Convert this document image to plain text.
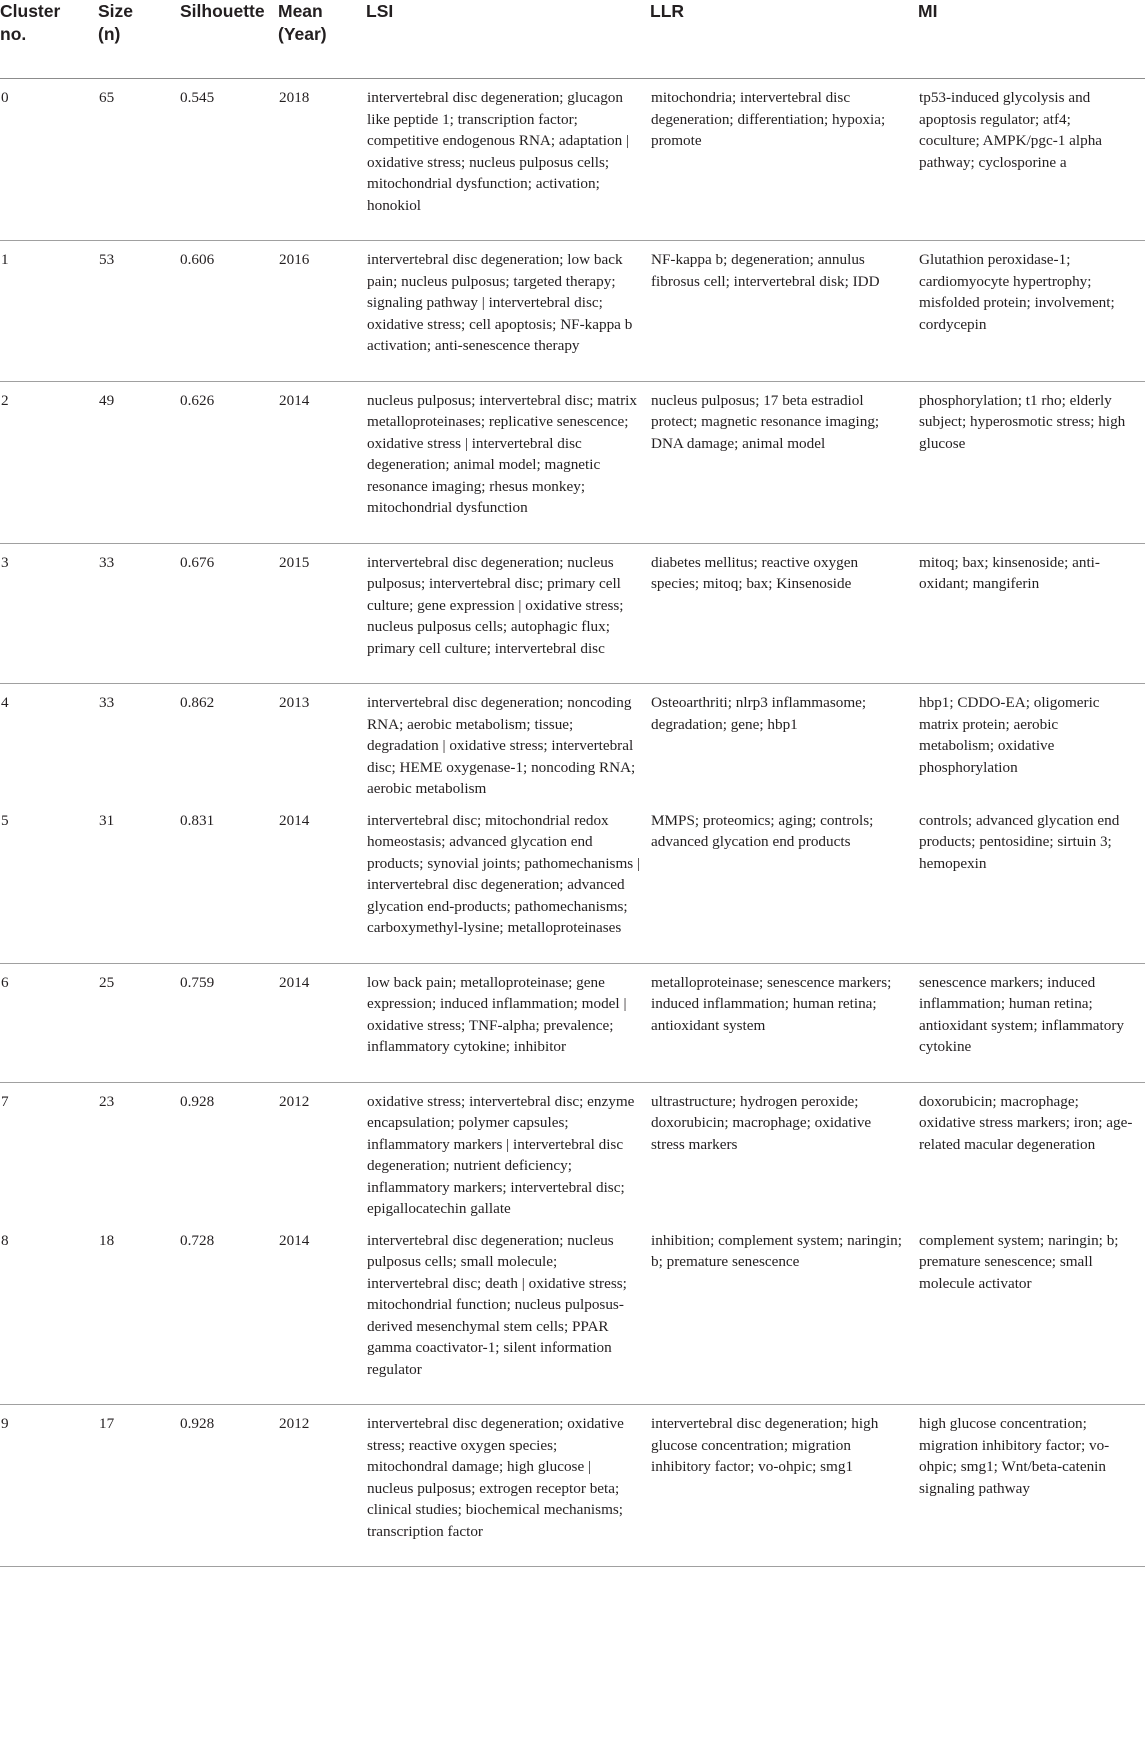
Cluster no.	Size (n)	Silhouette	Mean (Year)	LSI	LLR	MI
0	65	0.545	2018	intervertebral disc degeneration; glucagon like peptide 1; transcription factor; competitive endogenous RNA; adaptation | oxidative stress; nucleus pulposus cells; mitochondrial dysfunction; activation; honokiol	mitochondria; intervertebral disc degeneration; differentiation; hypoxia; promote	tp53-induced glycolysis and apoptosis regulator; atf4; coculture; AMPK/pgc-1 alpha pathway; cyclosporine a
1	53	0.606	2016	intervertebral disc degeneration; low back pain; nucleus pulposus; targeted therapy; signaling pathway | intervertebral disc; oxidative stress; cell apoptosis; NF-kappa b activation; anti-senescence therapy	NF-kappa b; degeneration; annulus fibrosus cell; intervertebral disk; IDD	Glutathion peroxidase-1; cardiomyocyte hypertrophy; misfolded protein; involvement; cordycepin
2	49	0.626	2014	nucleus pulposus; intervertebral disc; matrix metalloproteinases; replicative senescence; oxidative stress | intervertebral disc degeneration; animal model; magnetic resonance imaging; rhesus monkey; mitochondrial dysfunction	nucleus pulposus; 17 beta estradiol protect; magnetic resonance imaging; DNA damage; animal model	phosphorylation; t1 rho; elderly subject; hyperosmotic stress; high glucose
3	33	0.676	2015	intervertebral disc degeneration; nucleus pulposus; intervertebral disc; primary cell culture; gene expression | oxidative stress; nucleus pulposus cells; autophagic flux; primary cell culture; intervertebral disc	diabetes mellitus; reactive oxygen species; mitoq; bax; Kinsenoside	mitoq; bax; kinsenoside; anti-oxidant; mangiferin
4	33	0.862	2013	intervertebral disc degeneration; noncoding RNA; aerobic metabolism; tissue; degradation | oxidative stress; intervertebral disc; HEME oxygenase-1; noncoding RNA; aerobic metabolism	Osteoarthriti; nlrp3 inflammasome; degradation; gene; hbp1	hbp1; CDDO-EA; oligomeric matrix protein; aerobic metabolism; oxidative phosphorylation
5	31	0.831	2014	intervertebral disc; mitochondrial redox homeostasis; advanced glycation end products; synovial joints; pathomechanisms | intervertebral disc degeneration; advanced glycation end-products; pathomechanisms; carboxymethyl-lysine; metalloproteinases	MMPS; proteomics; aging; controls; advanced glycation end products	controls; advanced glycation end products; pentosidine; sirtuin 3; hemopexin
6	25	0.759	2014	low back pain; metalloproteinase; gene expression; induced inflammation; model | oxidative stress; TNF-alpha; prevalence; inflammatory cytokine; inhibitor	metalloproteinase; senescence markers; induced inflammation; human retina; antioxidant system	senescence markers; induced inflammation; human retina; antioxidant system; inflammatory cytokine
7	23	0.928	2012	oxidative stress; intervertebral disc; enzyme encapsulation; polymer capsules; inflammatory markers | intervertebral disc degeneration; nutrient deficiency; inflammatory markers; intervertebral disc; epigallocatechin gallate	ultrastructure; hydrogen peroxide; doxorubicin; macrophage; oxidative stress markers	doxorubicin; macrophage; oxidative stress markers; iron; age-related macular degeneration
8	18	0.728	2014	intervertebral disc degeneration; nucleus pulposus cells; small molecule; intervertebral disc; death | oxidative stress; mitochondrial function; nucleus pulposus-derived mesenchymal stem cells; PPAR gamma coactivator-1; silent information regulator	inhibition; complement system; naringin; b; premature senescence	complement system; naringin; b; premature senescence; small molecule activator
9	17	0.928	2012	intervertebral disc degeneration; oxidative stress; reactive oxygen species; mitochondral damage; high glucose | nucleus pulposus; extrogen receptor beta; clinical studies; biochemical mechanisms; transcription factor	intervertebral disc degeneration; high glucose concentration; migration inhibitory factor; vo-ohpic; smg1	high glucose concentration; migration inhibitory factor; vo-ohpic; smg1; Wnt/beta-catenin signaling pathway
